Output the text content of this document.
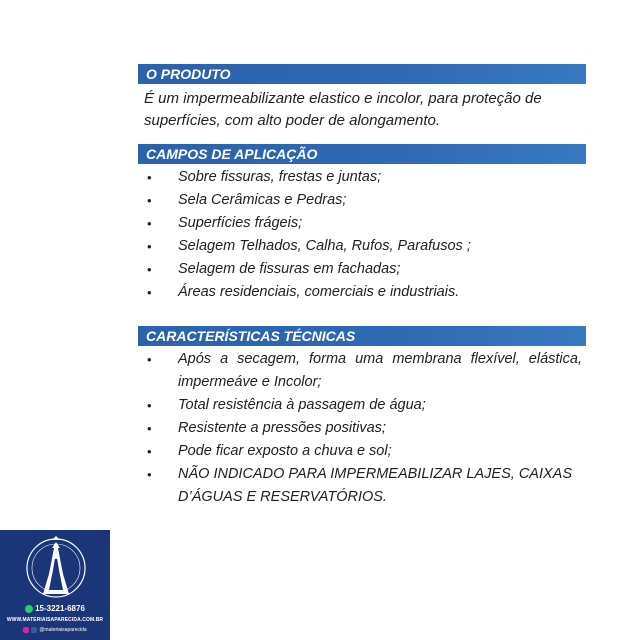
O PRODUTO
É um impermeabilizante elastico e incolor, para proteção de superfícies, com alto poder de alongamento.
CAMPOS DE APLICAÇÃO
• Sobre fissuras, frestas e juntas;
• Sela Cerâmicas e Pedras;
• Superfícies frágeis;
• Selagem Telhados, Calha, Rufos, Parafusos ;
• Selagem de fissuras em fachadas;
• Áreas residenciais, comerciais e industriais.
CARACTERÍSTICAS TÉCNICAS
• Após a secagem, forma uma membrana flexível, elástica, impermeáve e Incolor;
• Total resistência à passagem de água;
• Resistente a pressões positivas;
• Pode ficar exposto a chuva e sol;
• NÃO INDICADO PARA IMPERMEABILIZAR LAJES, CAIXAS D’ÁGUAS E RESERVATÓRIOS.
15-3221-6876
WWW.MATERIAISAPARECIDA.COM.BR
@materiaisaparecida
